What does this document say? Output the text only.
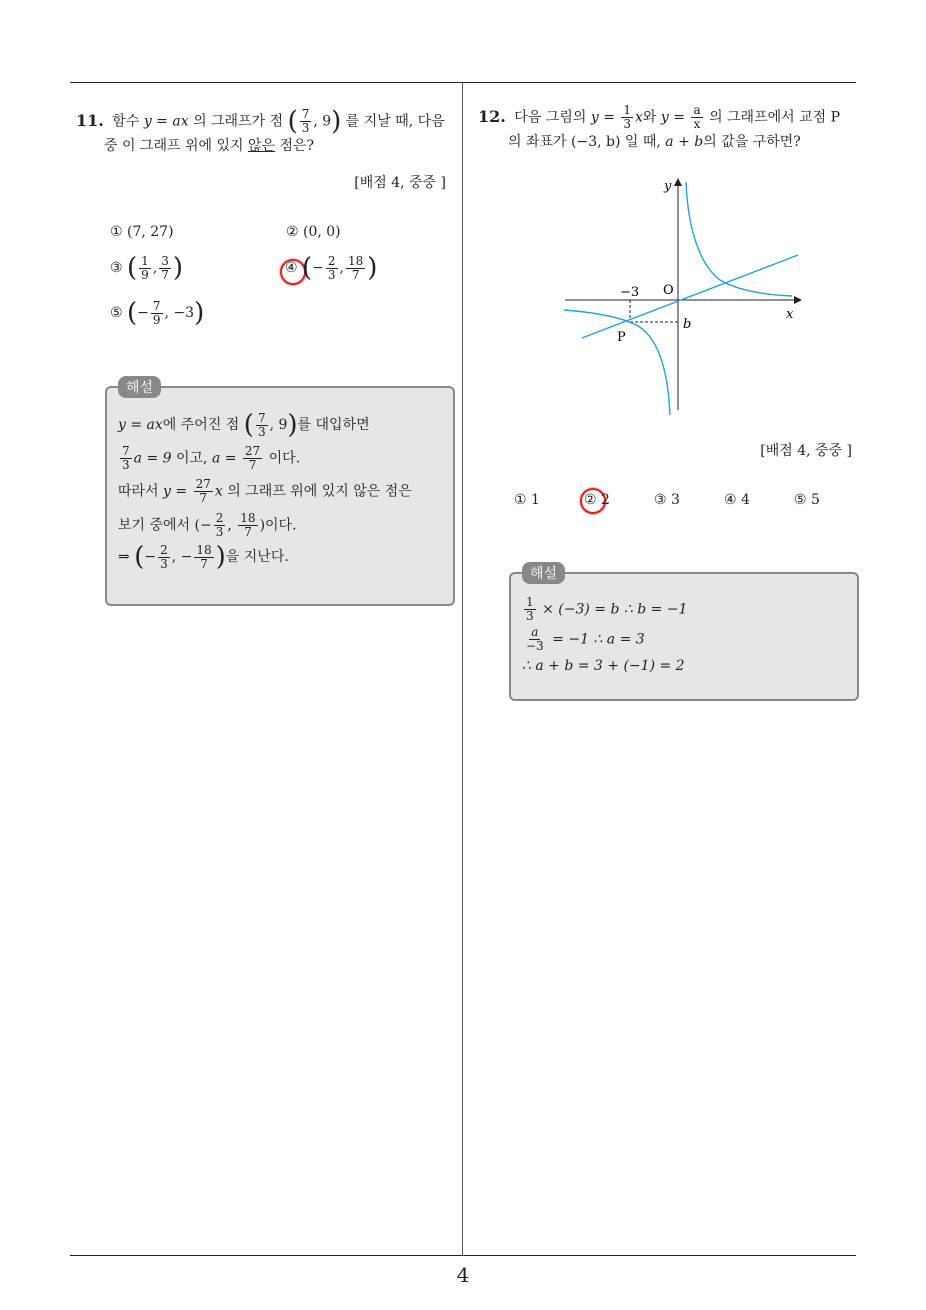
4
11. 함수 y = ax 의 그래프가 점 ( $\frac{7}{3}$ , 9) 를 지날 때, 다음
중 이 그래프 위에 있지 않은 점은?
[배점 4, 중중 ]
① (7, 27)	② (0, 0)
③ ( $\frac{1}{9}$ , $\frac{3}{7}$ )	④ (− $\frac{2}{3}$ , $\frac{18}{7}$ )
⑤ (− $\frac{7}{9}$ , −3)
해설
y = ax에 주어진 점 ( $\frac{7}{3}$ , 9)를 대입하면
$\frac{7}{3}$ a = 9 이고, $a = \frac{27}{7}$ 이다.
따라서 $y = \frac{27}{7}$ x 의 그래프 위에 있지 않은 점은
보기 중에서 (− $\frac{2}{3}$ , $\frac{18}{7}$ )이다.
⇒ (− $\frac{2}{3}$ , − $\frac{18}{7}$ )을 지난다.
12. 다음 그림의 $y = \frac{1}{3}$ x와 $y = \frac{a}{x}$ 의 그래프에서 교점 P
의 좌표가 (−3, b) 일 때, a + b의 값을 구하면?
y
x
O
−3
b
P
[배점 4, 중중 ]
① 1	② 2	③ 3	④ 4	⑤ 5
해설
$\frac{1}{3} \times (-3) = b$ ∴ b = −1
$\frac{a}{-3} = -1$ ∴ a = 3
∴ a + b = 3 + (−1) = 2
